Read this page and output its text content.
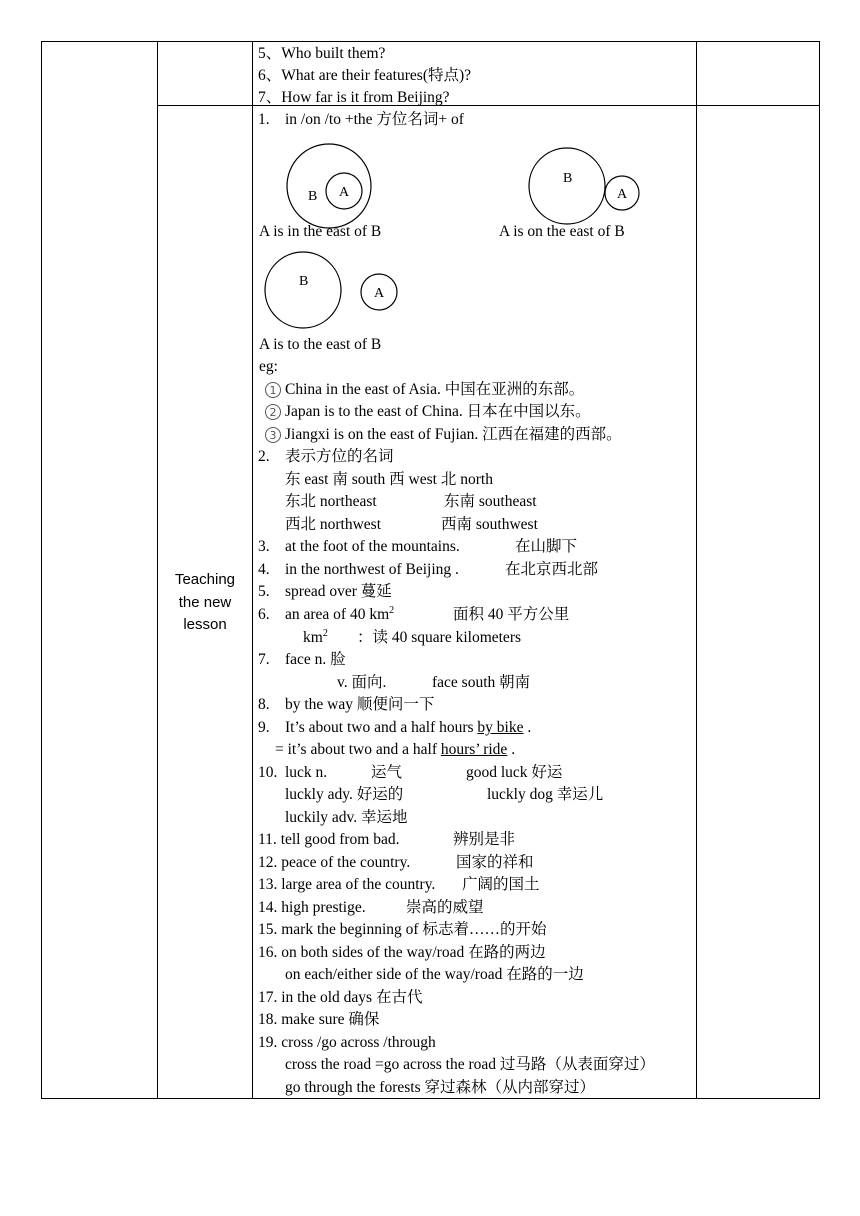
Teaching
the new
lesson
5、Who built them?
6、What are their features(特点)?
7、How far is it from Beijing?
1. in /on /to +the 方位名词+ of
B A
B
A
A is in the east of B	A is on the east of B
B
A
A is to the east of B
eg:
1 China in the east of Asia. 中国在亚洲的东部。
2 Japan is to the east of China. 日本在中国以东。
3 Jiangxi is on the east of Fujian. 江西在福建的西部。
2. 表示方位的名词
东 east 南 south 西 west 北 north
东北 northeast	东南 southeast
西北 northwest	西南 southwest
3. at the foot of the mountains.	在山脚下
4. in the northwest of Beijing .	在北京西北部
5. spread over 蔓延
6. an area of 40 $km^2$	面积 40 平方公里
$km^2$ ：读 40 square kilometers
7. face n. 脸
v. 面向.	face south 朝南
8. by the way 顺便问一下
9. It’s about two and a half hours by bike .
= it’s about two and a half hours’ ride .
10. luck n.	运气	good luck 好运
luckly ady. 好运的	luckly dog 幸运儿
luckily adv. 幸运地
11. tell good from bad.	辨别是非
12. peace of the country.	国家的祥和
13. large area of the country. 广阔的国土
14. high prestige.	崇高的威望
15. mark the beginning of 标志着……的开始
16. on both sides of the way/road 在路的两边
on each/either side of the way/road 在路的一边
17. in the old days 在古代
18. make sure 确保
19. cross /go across /through
cross the road =go across the road 过马路（从表面穿过）
go through the forests 穿过森林（从内部穿过）
